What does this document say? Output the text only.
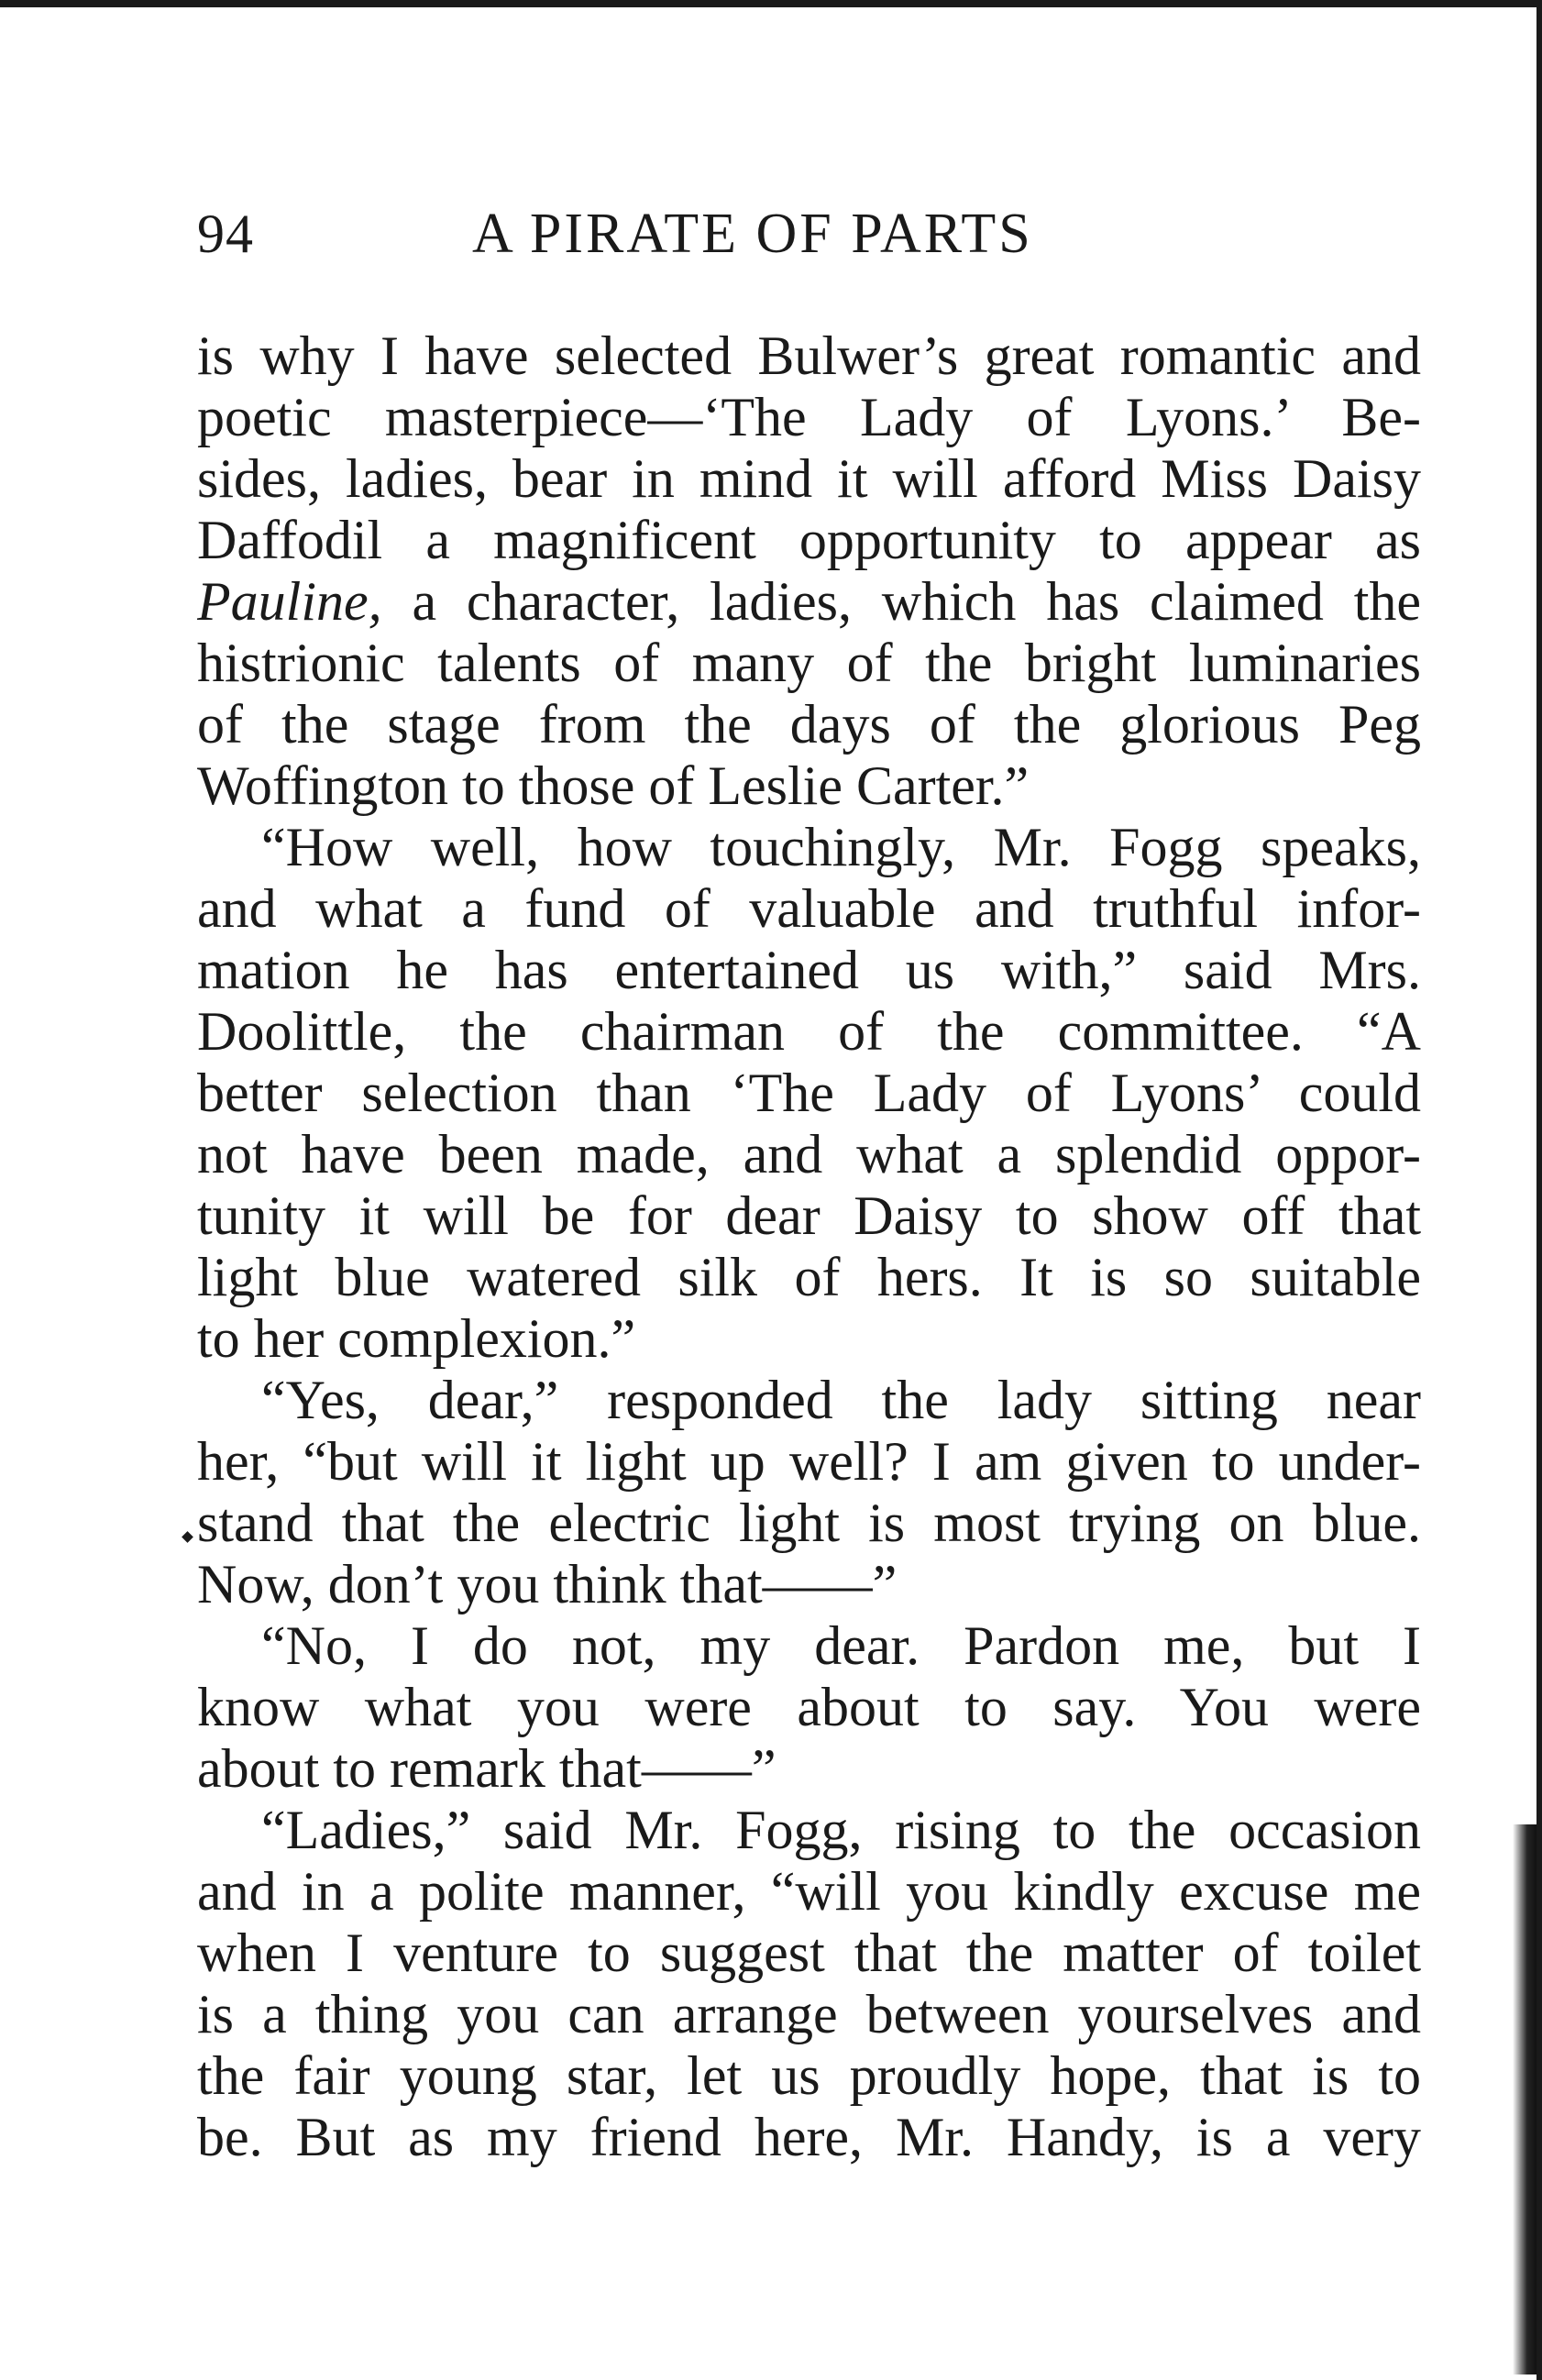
94	A PIRATE OF PARTS
is why I have selected Bulwer’s great romantic and
poetic masterpiece—‘The Lady of Lyons.’ Be-
sides, ladies, bear in mind it will afford Miss Daisy
Daffodil a magnificent opportunity to appear as
Pauline, a character, ladies, which has claimed the
histrionic talents of many of the bright luminaries
of the stage from the days of the glorious Peg
Woffington to those of Leslie Carter.”
“How well, how touchingly, Mr. Fogg speaks,
and what a fund of valuable and truthful infor-
mation he has entertained us with,” said Mrs.
Doolittle, the chairman of the committee. “A
better selection than ‘The Lady of Lyons’ could
not have been made, and what a splendid oppor-
tunity it will be for dear Daisy to show off that
light blue watered silk of hers. It is so suitable
to her complexion.”
“Yes, dear,” responded the lady sitting near
her, “but will it light up well? I am given to under-
stand that the electric light is most trying on blue.
Now, don’t you think that——”
“No, I do not, my dear. Pardon me, but I
know what you were about to say. You were
about to remark that——”
“Ladies,” said Mr. Fogg, rising to the occasion
and in a polite manner, “will you kindly excuse me
when I venture to suggest that the matter of toilet
is a thing you can arrange between yourselves and
the fair young star, let us proudly hope, that is to
be. But as my friend here, Mr. Handy, is a very
